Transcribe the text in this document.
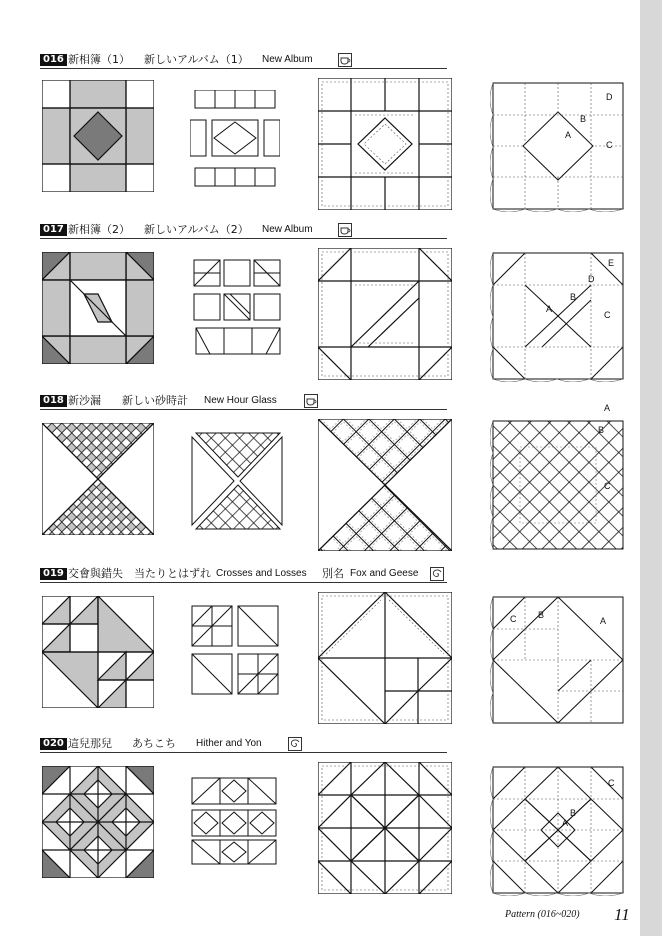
016 新相簿（1） 新しいアルバム（1） New Album
A
B
C
D
017 新相簿（2） 新しいアルバム（2） New Album
A
B
C
D
E
018 新沙漏 新しい砂時計 New Hour Glass
A
B
C
019 交會與錯失 当たりとはずれ Crosses and Losses 別名 Fox and Geese
A
B
C
020 這兒那兒 あちこち Hither and Yon
A
B
C
Pattern (016~020) 11
